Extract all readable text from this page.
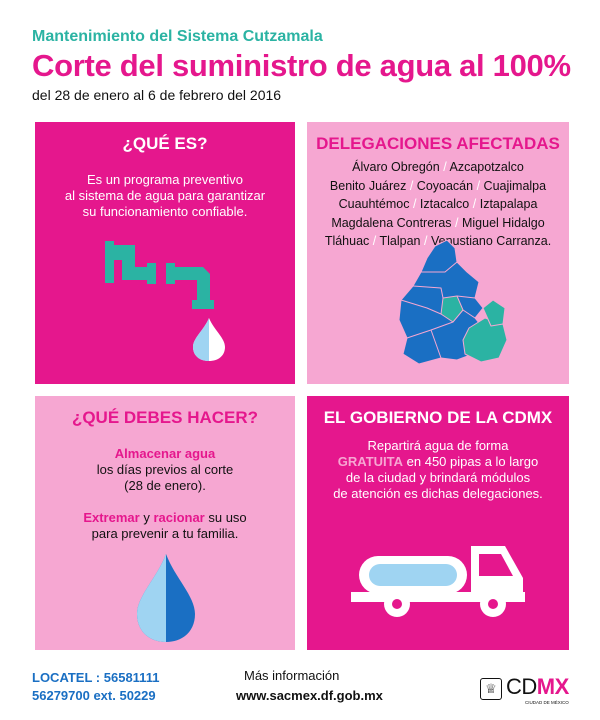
Mantenimiento del Sistema Cutzamala
Corte del suministro de agua al 100%
del 28 de enero al 6 de febrero del 2016
¿QUÉ ES?
Es un programa preventivo
al sistema de agua para garantizar
su funcionamiento confiable.
DELEGACIONES AFECTADAS
Álvaro Obregón / Azcapotzalco
Benito Juárez / Coyoacán / Cuajimalpa
Cuauhtémoc / Iztacalco / Iztapalapa
Magdalena Contreras / Miguel Hidalgo
Tláhuac / Tlalpan / Venustiano Carranza.
¿QUÉ DEBES HACER?
Almacenar agua
los días previos al corte
(28 de enero).
Extremar y racionar su uso
para prevenir a tu familia.
EL GOBIERNO DE LA CDMX
Repartirá agua de forma
GRATUITA en 450 pipas a lo largo
de la ciudad y brindará módulos
de atención es dichas delegaciones.
LOCATEL : 56581111
56279700 ext. 50229
Más información
www.sacmex.df.gob.mx	♕ CDMX
CIUDAD DE MÉXICO
